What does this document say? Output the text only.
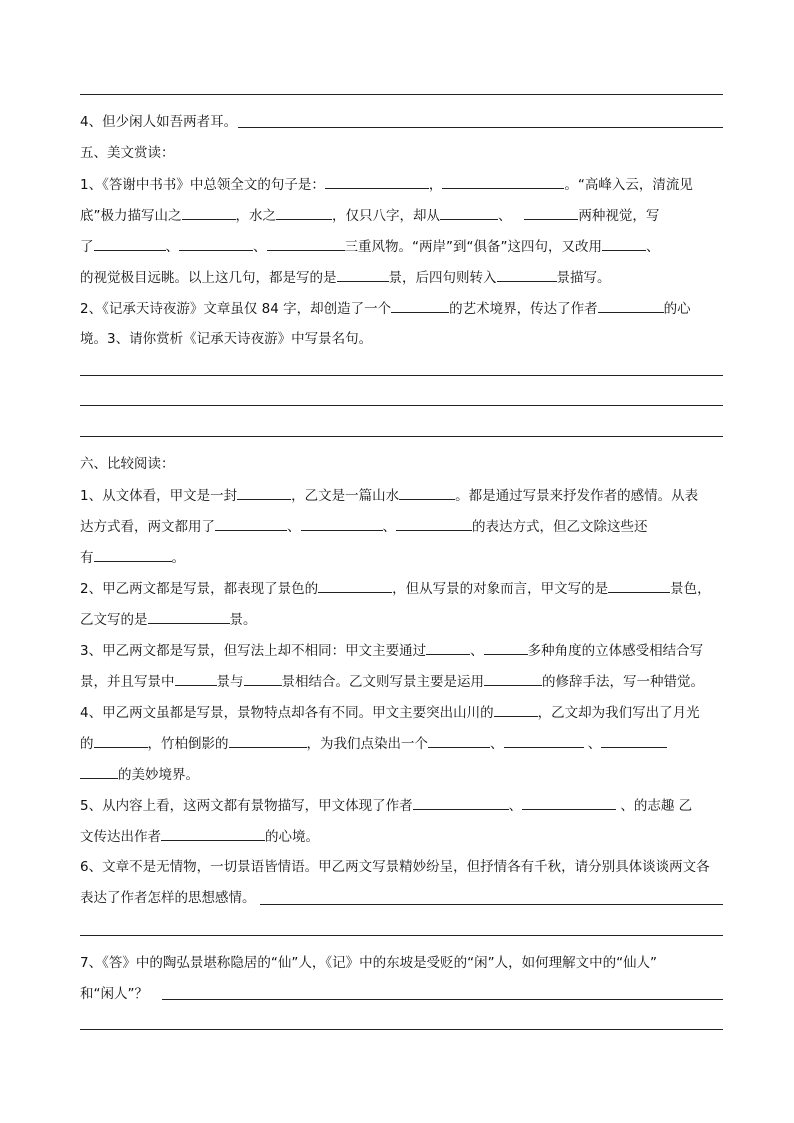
4、但少闲人如吾两者耳。
五、美文赏读：
1、《答谢中书书》中总领全文的句子是：	，	。“高峰入云，清流见
底”极力描写山之	，水之	，仅只八字，却从	、	两种视觉，写
了	、	、	三重风物。“两岸”到“俱备”这四句，又改用	、
的视觉极目远眺。以上这几句，都是写的是	景，后四句则转入	景描写。
2、《记承天诗夜游》文章虽仅 84 字，却创造了一个	的艺术境界，传达了作者	的心
境。3、请你赏析《记承天诗夜游》中写景名句。
六、比较阅读：
1、从文体看，甲文是一封	，乙文是一篇山水	。都是通过写景来抒发作者的感情。从表
达方式看，两文都用了	、	、	的表达方式，但乙文除这些还
有	。
2、甲乙两文都是写景，都表现了景色的	，但从写景的对象而言，甲文写的是	景色，
乙文写的是	景。
3、甲乙两文都是写景，但写法上却不相同：甲文主要通过	、	多种角度的立体感受相结合写
景，并且写景中	景与	景相结合。乙文则写景主要是运用	的修辞手法，写一种错觉。
4、甲乙两文虽都是写景，景物特点却各有不同。甲文主要突出山川的	，乙文却为我们写出了月光
的	，竹柏倒影的	，为我们点染出一个	、	、
的美妙境界。
5、从内容上看，这两文都有景物描写，甲文体现了作者	、	、的志趣 乙
文传达出作者	的心境。
6、文章不是无情物，一切景语皆情语。甲乙两文写景精妙纷呈，但抒情各有千秋，请分别具体谈谈两文各
表达了作者怎样的思想感情。
7、《答》中的陶弘景堪称隐居的“仙”人，《记》中的东坡是受贬的“闲”人，如何理解文中的“仙人”
和“闲人”？
